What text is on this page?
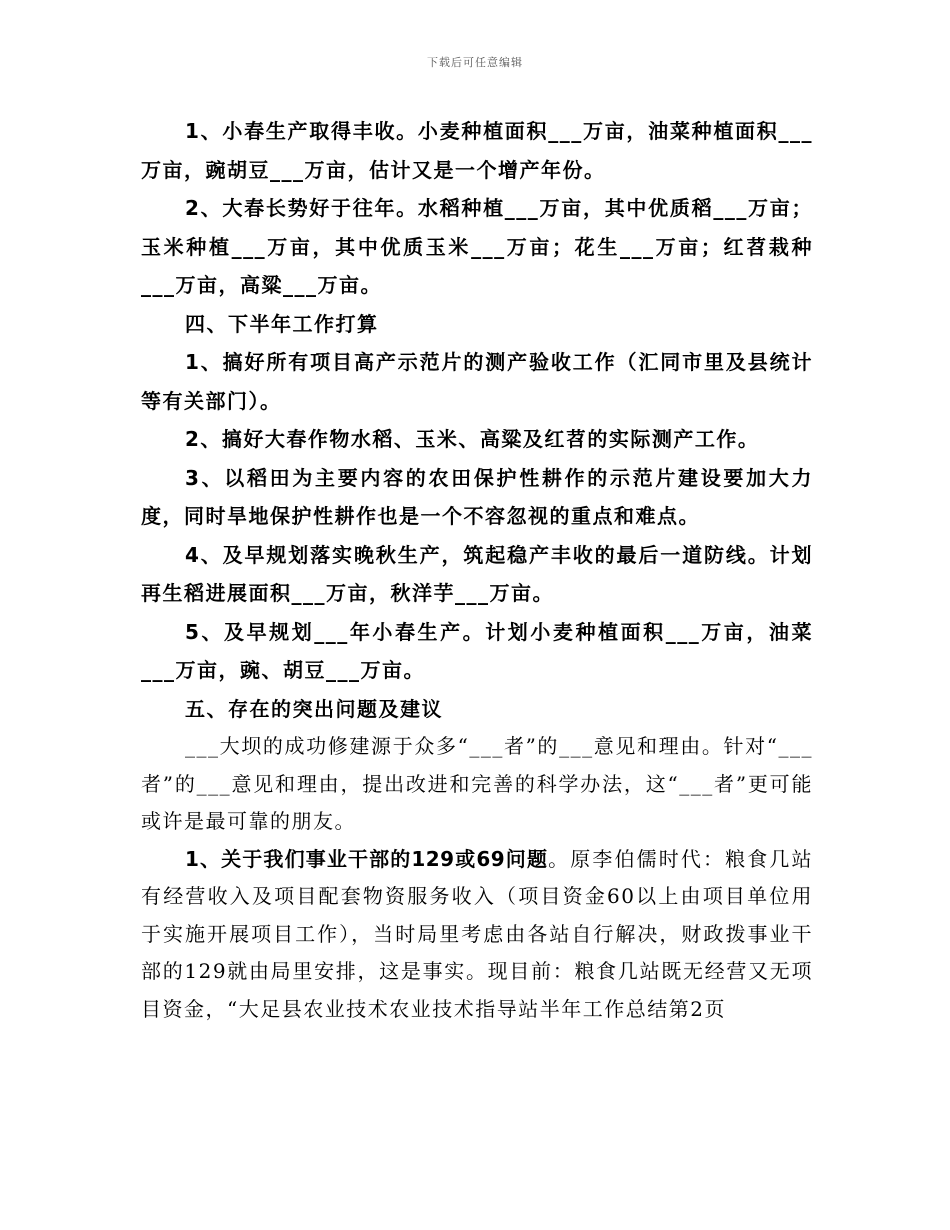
下载后可任意编辑

1、小春生产取得丰收。小麦种植面积___万亩，油菜种植面积___万亩，豌胡豆___万亩，估计又是一个增产年份。

2、大春长势好于往年。水稻种植___万亩，其中优质稻___万亩；玉米种植___万亩，其中优质玉米___万亩；花生___万亩；红苕栽种___万亩，高粱___万亩。

四、下半年工作打算

1、搞好所有项目高产示范片的测产验收工作（汇同市里及县统计等有关部门）。

2、搞好大春作物水稻、玉米、高粱及红苕的实际测产工作。

3、以稻田为主要内容的农田保护性耕作的示范片建设要加大力度，同时旱地保护性耕作也是一个不容忽视的重点和难点。

4、及早规划落实晚秋生产，筑起稳产丰收的最后一道防线。计划再生稻进展面积___万亩，秋洋芋___万亩。

5、及早规划___年小春生产。计划小麦种植面积___万亩，油菜___万亩，豌、胡豆___万亩。

五、存在的突出问题及建议

___大坝的成功修建源于众多“___者”的___意见和理由。针对“___者”的___意见和理由，提出改进和完善的科学办法，这“___者”更可能或许是最可靠的朋友。

1、关于我们事业干部的129或69问题。原李伯儒时代：粮食几站有经营收入及项目配套物资服务收入（项目资金60以上由项目单位用于实施开展项目工作），当时局里考虑由各站自行解决，财政拨事业干部的129就由局里安排，这是事实。现目前：粮食几站既无经营又无项目资金，“大足县农业技术农业技术指导站半年工作总结第2页
